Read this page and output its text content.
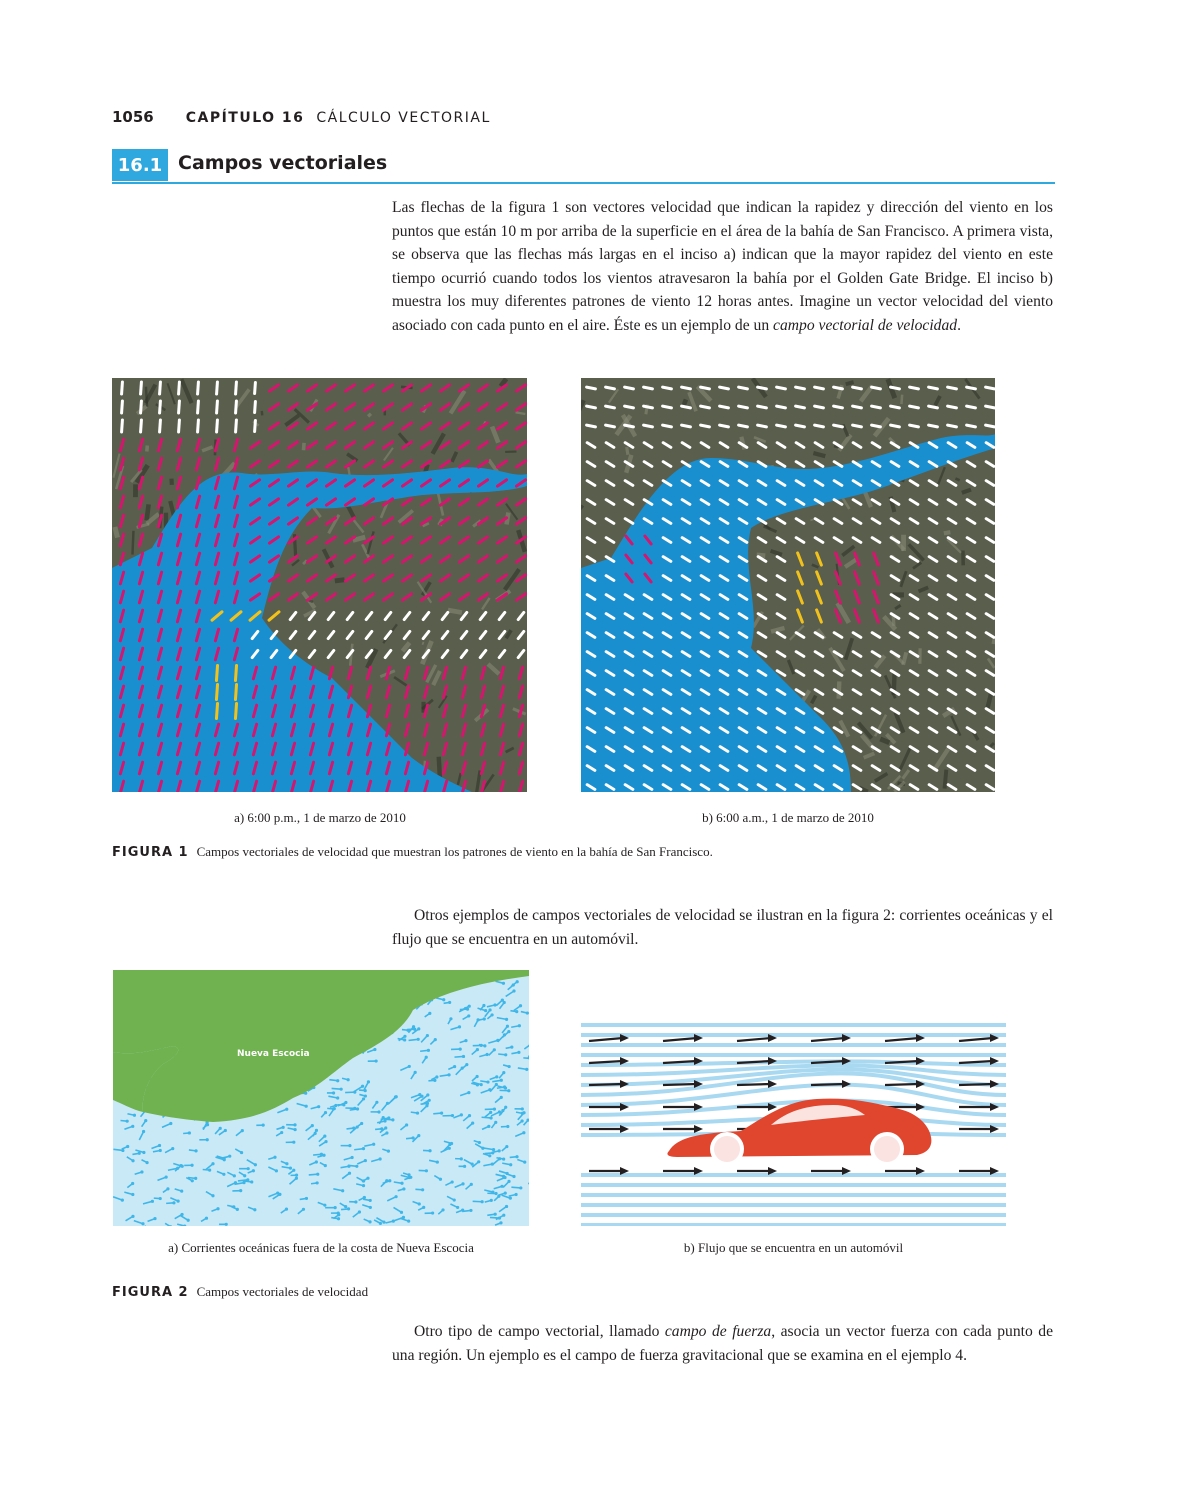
1056 CAPÍTULO 16 CÁLCULO VECTORIAL
16.1 Campos vectoriales

Las flechas de la figura 1 son vectores velocidad que indican la rapidez y dirección del viento en los puntos que están 10 m por arriba de la superficie en el área de la bahía de San Francisco. A primera vista, se observa que las flechas más largas en el inciso a) indican que la mayor rapidez del viento en este tiempo ocurrió cuando todos los vientos atravesaron la bahía por el Golden Gate Bridge. El inciso b) muestra los muy diferentes patrones de viento 12 horas antes. Imagine un vector velocidad del viento asociado con cada punto en el aire. Éste es un ejemplo de un campo vectorial de velocidad.

a) 6:00 p.m., 1 de marzo de 2010	b) 6:00 a.m., 1 de marzo de 2010
FIGURA 1 Campos vectoriales de velocidad que muestran los patrones de viento en la bahía de San Francisco.

Otros ejemplos de campos vectoriales de velocidad se ilustran en la figura 2: corrientes oceánicas y el flujo que se encuentra en un automóvil.

Nueva Escocia
a) Corrientes oceánicas fuera de la costa de Nueva Escocia	b) Flujo que se encuentra en un automóvil
FIGURA 2 Campos vectoriales de velocidad

Otro tipo de campo vectorial, llamado campo de fuerza, asocia un vector fuerza con cada punto de una región. Un ejemplo es el campo de fuerza gravitacional que se examina en el ejemplo 4.
